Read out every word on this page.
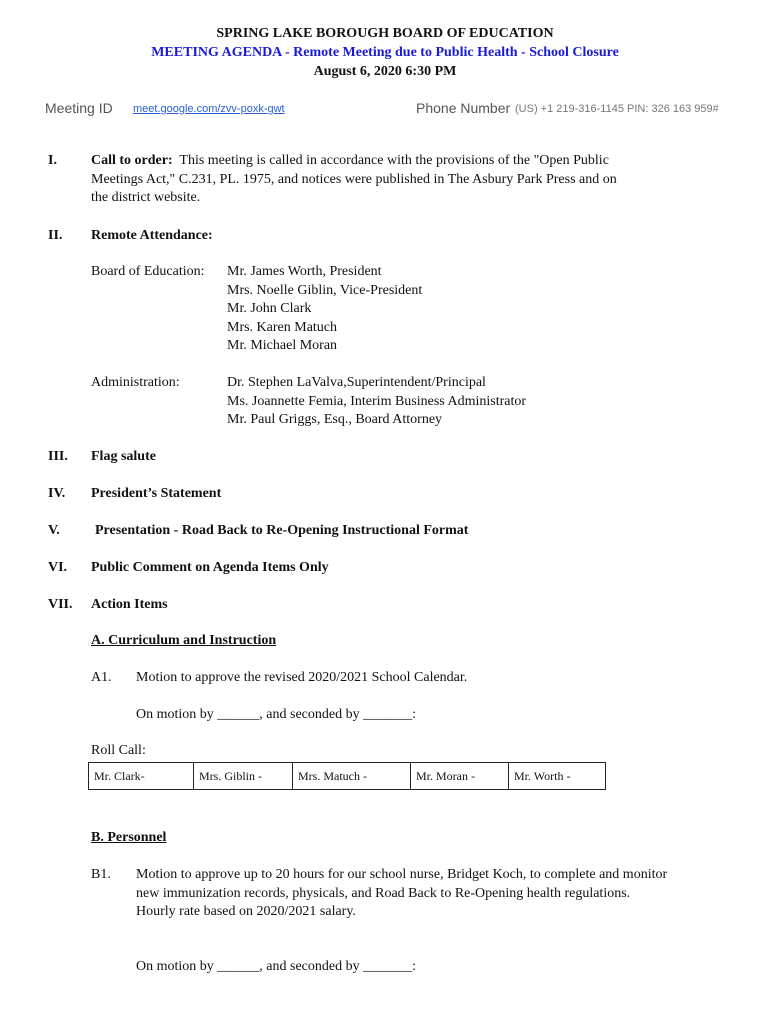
SPRING LAKE BOROUGH BOARD OF EDUCATION
MEETING AGENDA - Remote Meeting due to Public Health - School Closure
August 6, 2020 6:30 PM
Meeting ID meet.google.com/zvv-poxk-gwt	Phone Number (US) +1 219-316-1145 PIN: 326 163 959#
I. Call to order: This meeting is called in accordance with the provisions of the "Open Public
Meetings Act," C.231, PL. 1975, and notices were published in The Asbury Park Press and on
the district website.
II. Remote Attendance:
Board of Education: Mr. James Worth, President
Mrs. Noelle Giblin, Vice-President
Mr. John Clark
Mrs. Karen Matuch
Mr. Michael Moran
Administration:	Dr. Stephen LaValva,Superintendent/Principal
Ms. Joannette Femia, Interim Business Administrator
Mr. Paul Griggs, Esq., Board Attorney
III. Flag salute
IV. President’s Statement
V.	Presentation - Road Back to Re-Opening Instructional Format
VI. Public Comment on Agenda Items Only
VII. Action Items
A. Curriculum and Instruction
A1. Motion to approve the revised 2020/2021 School Calendar.
On motion by ______, and seconded by _______:
Roll Call:
Mr. Clark-	Mrs. Giblin -	Mrs. Matuch -	Mr. Moran -	Mr. Worth -
B. Personnel
B1. Motion to approve up to 20 hours for our school nurse, Bridget Koch, to complete and monitor
new immunization records, physicals, and Road Back to Re-Opening health regulations.
Hourly rate based on 2020/2021 salary.
On motion by ______, and seconded by _______:
